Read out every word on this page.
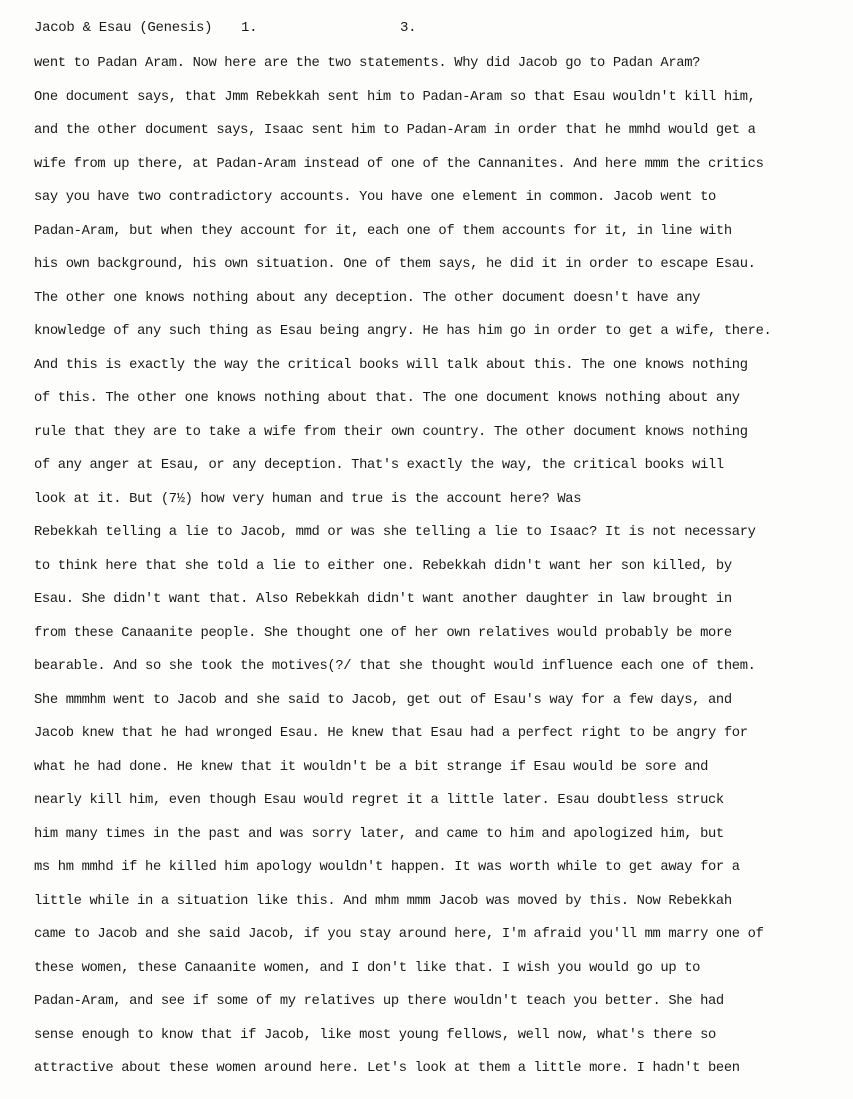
Jacob & Esau (Genesis) 1.	3.
went to Padan Aram. Now here are the two statements. Why did Jacob go to Padan Aram?
One document says, that Jmm Rebekkah sent him to Padan-Aram so that Esau wouldn't kill him,
and the other document says, Isaac sent him to Padan-Aram in order that he mmhd would get a
wife from up there, at Padan-Aram instead of one of the Cannanites. And here mmm the critics
say you have two contradictory accounts. You have one element in common. Jacob went to
Padan-Aram, but when they account for it, each one of them accounts for it, in line with
his own background, his own situation. One of them says, he did it in order to escape Esau.
The other one knows nothing about any deception. The other document doesn't have any
knowledge of any such thing as Esau being angry. He has him go in order to get a wife, there.
And this is exactly the way the critical books will talk about this. The one knows nothing
of this. The other one knows nothing about that. The one document knows nothing about any
rule that they are to take a wife from their own country. The other document knows nothing
of any anger at Esau, or any deception. That's exactly the way, the critical books will
look at it. But (7½) how very human and true is the account here? Was
Rebekkah telling a lie to Jacob, mmd or was she telling a lie to Isaac? It is not necessary
to think here that she told a lie to either one. Rebekkah didn't want her son killed, by
Esau. She didn't want that. Also Rebekkah didn't want another daughter in law brought in
from these Canaanite people. She thought one of her own relatives would probably be more
bearable. And so she took the motives(?/ that she thought would influence each one of them.
She mmmhm went to Jacob and she said to Jacob, get out of Esau's way for a few days, and
Jacob knew that he had wronged Esau. He knew that Esau had a perfect right to be angry for
what he had done. He knew that it wouldn't be a bit strange if Esau would be sore and
nearly kill him, even though Esau would regret it a little later. Esau doubtless struck
him many times in the past and was sorry later, and came to him and apologized him, but
ms hm mmhd if he killed him apology wouldn't happen. It was worth while to get away for a
little while in a situation like this. And mhm mmm Jacob was moved by this. Now Rebekkah
came to Jacob and she said Jacob, if you stay around here, I'm afraid you'll mm marry one of
these women, these Canaanite women, and I don't like that. I wish you would go up to
Padan-Aram, and see if some of my relatives up there wouldn't teach you better. She had
sense enough to know that if Jacob, like most young fellows, well now, what's there so
attractive about these women around here. Let's look at them a little more. I hadn't been
